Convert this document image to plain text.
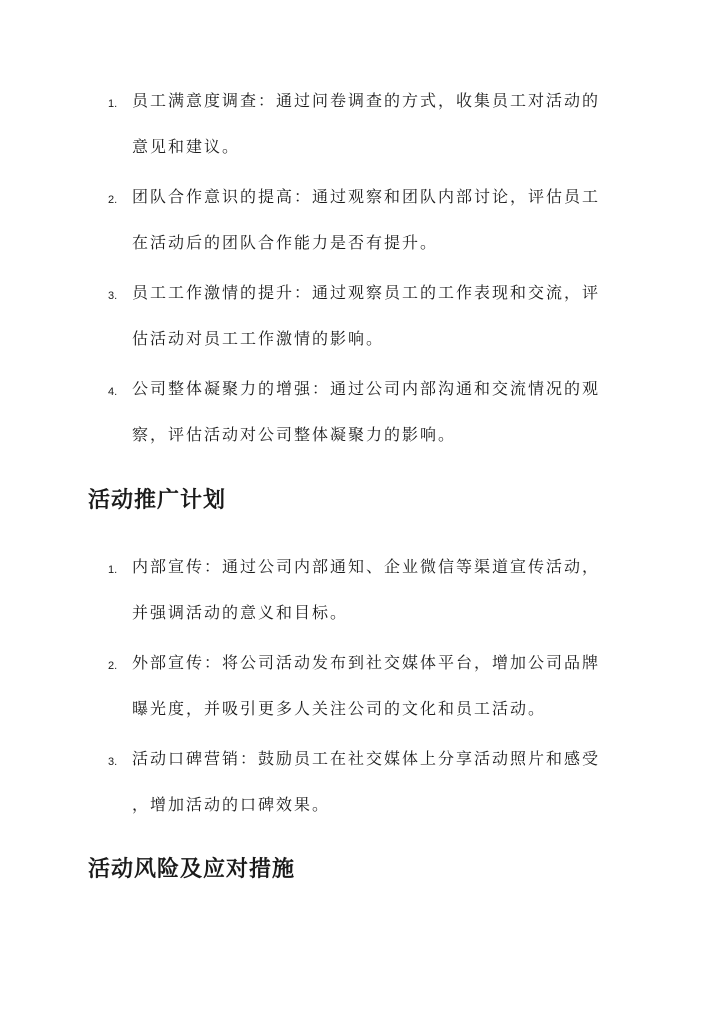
1. 员工满意度调查：通过问卷调查的方式，收集员工对活动的
意见和建议。
2. 团队合作意识的提高：通过观察和团队内部讨论，评估员工
在活动后的团队合作能力是否有提升。
3. 员工工作激情的提升：通过观察员工的工作表现和交流，评
估活动对员工工作激情的影响。
4. 公司整体凝聚力的增强：通过公司内部沟通和交流情况的观
察，评估活动对公司整体凝聚力的影响。
活动推广计划
1. 内部宣传：通过公司内部通知、企业微信等渠道宣传活动，
并强调活动的意义和目标。
2. 外部宣传：将公司活动发布到社交媒体平台，增加公司品牌
曝光度，并吸引更多人关注公司的文化和员工活动。
3. 活动口碑营销：鼓励员工在社交媒体上分享活动照片和感受
，增加活动的口碑效果。
活动风险及应对措施
